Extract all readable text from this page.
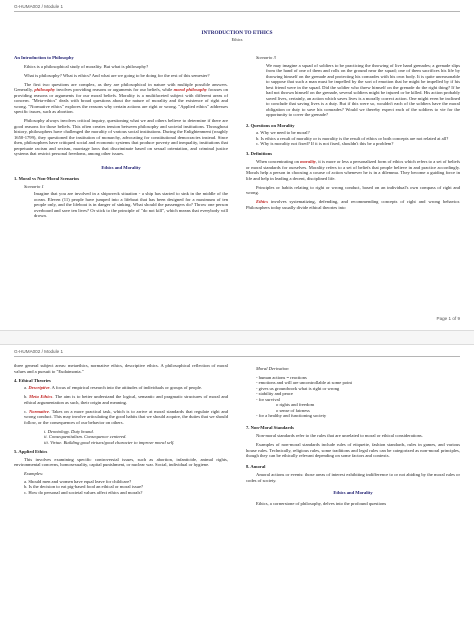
G-HUMA002 / Module 1
INTRODUCTION TO ETHICS
Ethics
An Introduction to Philosophy

Ethics is a philosophical study of morality. But what is philosophy?

What is philosophy? What is ethics? And what are we going to be doing for the rest of this semester?

The first two questions are complex, as they are philosophical in nature with multiple possible answers. Generally, philosophy involves providing reasons or arguments for our beliefs, while moral philosophy focuses on providing reasons or arguments for our moral beliefs. Morality is a multifaceted subject with different areas of concern. "Meta-ethics" deals with broad questions about the nature of morality and the existence of right and wrong. "Normative ethics" explores the reasons why certain actions are right or wrong. "Applied ethics" addresses specific issues, such as abortion.

Philosophy always involves critical inquiry, questioning what we and others believe to determine if there are good reasons for those beliefs. This often creates tension between philosophy and societal institutions. Throughout history, philosophers have challenged the morality of various social institutions. During the Enlightenment (roughly 1650-1799), they questioned the institution of monarchy, advocating for constitutional democracies instead. Since then, philosophers have critiqued social and economic systems that produce poverty and inequality, institutions that perpetuate racism and sexism, marriage laws that discriminate based on sexual orientation, and criminal justice systems that restrict personal freedoms, among other issues.

Ethics and Morality
1. Moral vs Non-Moral Scenarios
Scenario 1

Imagine that you are involved in a shipwreck situation - a ship has started to sink in the middle of the ocean. Eleven (11) people have jumped into a lifeboat that has been designed for a maximum of ten people only, and the lifeboat is in danger of sinking. What should the passengers do? Throw one person overboard and save ten lives? Or stick to the principle of "do not kill", which means that everybody will drown.

Scenario 3

We may imagine a squad of soldiers to be practicing the throwing of live hand grenades; a grenade slips from the hand of one of them and rolls on the ground near the squad; one of them sacrifices his life by throwing himself on the grenade and protecting his comrades with his own body. It is quite unreasonable to suppose that such a man must be impelled by the sort of emotion that he might be impelled by if his best friend were in the squad. Did the soldier who threw himself on the grenade do the right thing? If he had not thrown himself on the grenade, several soldiers might be injured or be killed. His action probably saved lives, certainly, an action which saves lives is a morally correct action. One might even be inclined to conclude that saving lives is a duty. But if this were so, wouldn't each of the soldiers have the moral obligation or duty to save his comrades? Would we thereby expect each of the soldiers to vie for the opportunity to cover the grenade?

2. Questions on Morality
a. Why we need to be moral?
b. Is ethics a result of morality or is morality is the result of ethics or both concepts are not related at all?
c. Why is morality not fixed? If it is not fixed, shouldn't this be a problem?
3. Definitions

When concentrating on morality, it is more or less a personalized form of ethics which refers to a set of beliefs or moral standards for ourselves. Morality refers to a set of beliefs that people believe in and practice accordingly. Morals help a person in choosing a course of action whenever he is in a dilemma. They become a guiding force in life and help in leading a decent, disciplined life.

Principles or habits relating to right or wrong conduct, based on an individual's own compass of right and wrong.

Ethics involves systematizing, defending, and recommending concepts of right and wrong behavior. Philosophers today usually divide ethical theories into

Page 1 of 9
G-HUMA002 / Module 1

three general subject areas: metaethics, normative ethics, descriptive ethics. A philosophical reflection of moral values and a pursuit to "Eudaimonia."

4. Ethical Theories

a. Descriptive. A focus of empirical research into the attitudes of individuals or groups of people.

b. Meta Ethics. The aim is to better understand the logical, semantic and pragmatic structures of moral and ethical argumentation as such, their origin and meaning.

c. Normative. Takes on a more practical task, which is to arrive at moral standards that regulate right and wrong conduct. This may involve articulating the good habits that we should acquire, the duties that we should follow, or the consequences of our behavior on others.

i. Deontology. Duty bound.
ii. Consequentialism. Consequence centered.
iii. Virtue. Building good virtues/good character to improve moral self.
5. Applied Ethics

This involves examining specific controversial issues, such as abortion, infanticide, animal rights, environmental concerns, homosexuality, capital punishment, or nuclear war. Social, individual or hygiene.

Examples:
a. Should men and women have equal leave for childcare?
b. Is the decision to eat pig-based food an ethical or moral issue?
c. How do personal and societal values affect ethics and morals?
Moral Derivation
- human actions = reactions
- emotions and will are uncontrollable at some point
- gives us groundwork what is right or wrong
- stability and peace
- for survival
o rights and freedom
o sense of fairness
- for a healthy and functioning society
7. Non-Moral Standards

Non-moral standards refer to the rules that are unrelated to moral or ethical considerations.

Examples of non-moral standards include rules of etiquette, fashion standards, rules in games, and various house rules. Technically, religious rules, some traditions and legal rules can be categorized as non-moral principles, though they can be ethically relevant depending on some factors and contexts.

8. Amoral

Amoral actions or events: those areas of interest exhibiting indifference to or not abiding by the moral rules or codes of society.

Ethics and Morality

Ethics, a cornerstone of philosophy, delves into the profound questions
